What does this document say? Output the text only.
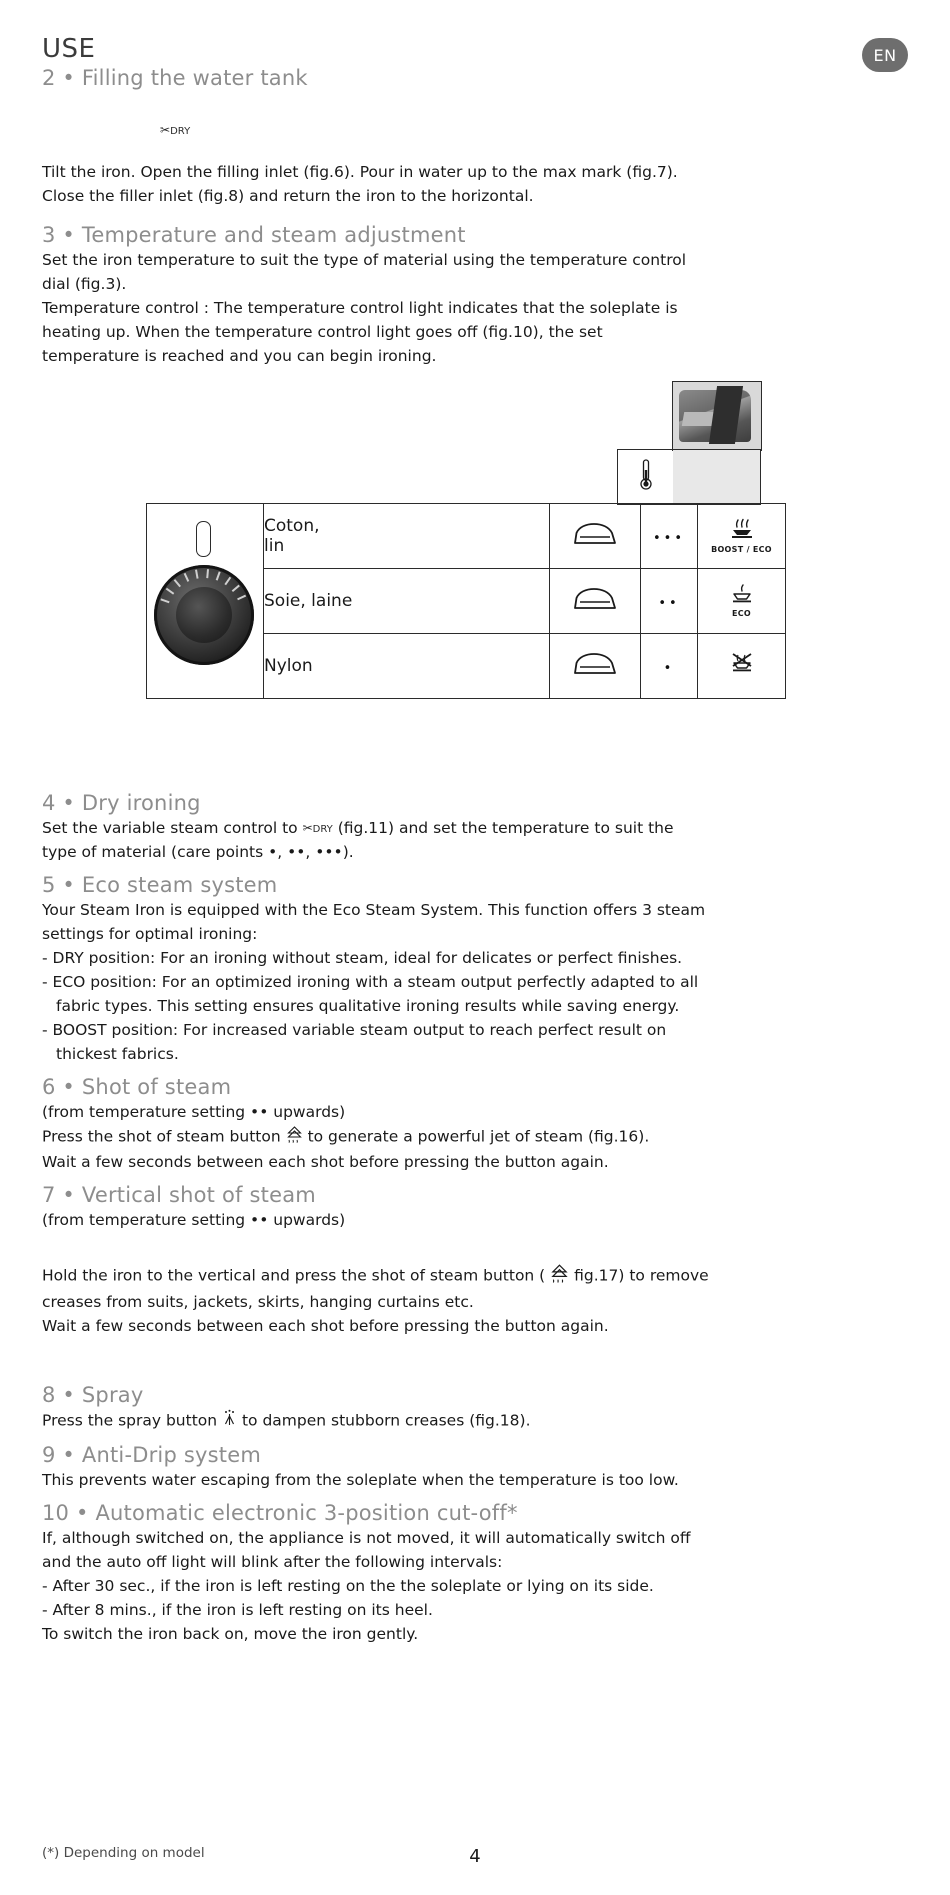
USE
2 • Filling the water tank
EN
✂DRY

Tilt the iron. Open the filling inlet (fig.6). Pour in water up to the max mark (fig.7).

Close the filler inlet (fig.8) and return the iron to the horizontal.

3 • Temperature and steam adjustment

Set the iron temperature to suit the type of material using the temperature control

dial (fig.3).

Temperature control : The temperature control light indicates that the soleplate is

heating up. When the temperature control light goes off (fig.10), the set

temperature is reached and you can begin ironing.

	Coton,
lin		•••	BOOST / ECO

	Soie, laine		••	ECO

	Nylon		•	
4 • Dry ironing

Set the variable steam control to ✂DRY (fig.11) and set the temperature to suit the

type of material (care points •, ••, •••).

5 • Eco steam system

Your Steam Iron is equipped with the Eco Steam System. This function offers 3 steam

settings for optimal ironing:

- DRY position: For an ironing without steam, ideal for delicates or perfect finishes.

- ECO position: For an optimized ironing with a steam output perfectly adapted to all

fabric types. This setting ensures qualitative ironing results while saving energy.

- BOOST position: For increased variable steam output to reach perfect result on

thickest fabrics.

6 • Shot of steam

(from temperature setting •• upwards)

Press the shot of steam button to generate a powerful jet of steam (fig.16).

Wait a few seconds between each shot before pressing the button again.

7 • Vertical shot of steam

(from temperature setting •• upwards)

Hold the iron to the vertical and press the shot of steam button ( fig.17) to remove

creases from suits, jackets, skirts, hanging curtains etc.

Wait a few seconds between each shot before pressing the button again.

8 • Spray

Press the spray button to dampen stubborn creases (fig.18).

9 • Anti-Drip system

This prevents water escaping from the soleplate when the temperature is too low.

10 • Automatic electronic 3-position cut-off*

If, although switched on, the appliance is not moved, it will automatically switch off

and the auto off light will blink after the following intervals:

- After 30 sec., if the iron is left resting on the the soleplate or lying on its side.

- After 8 mins., if the iron is left resting on its heel.

To switch the iron back on, move the iron gently.

(*) Depending on model	4
